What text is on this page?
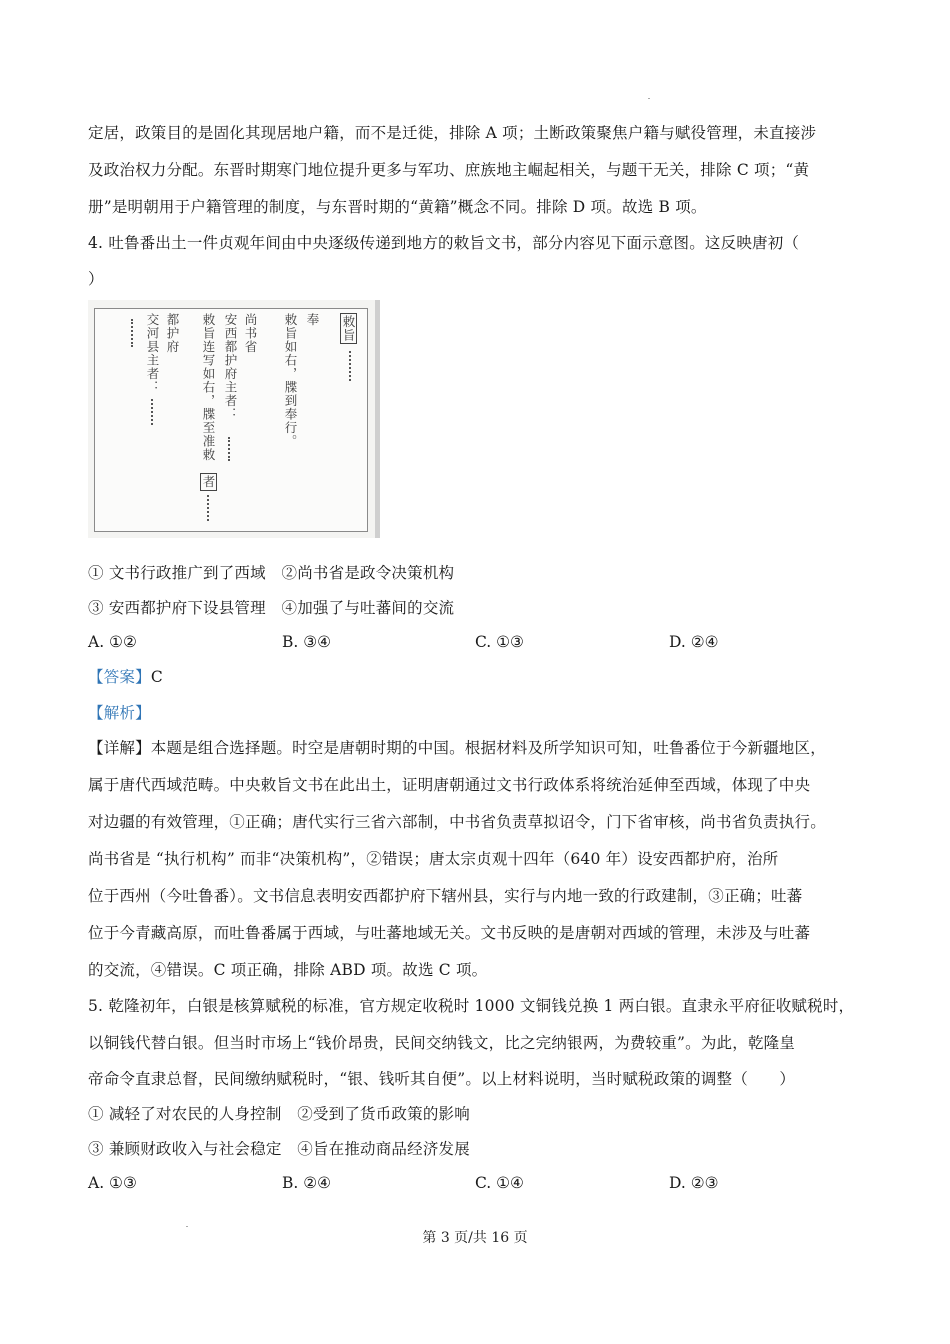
定居，政策目的是固化其现居地户籍，而不是迁徙，排除 A 项；土断政策聚焦户籍与赋役管理，未直接涉
及政治权力分配。东晋时期寒门地位提升更多与军功、庶族地主崛起相关，与题干无关，排除 C 项；“黄
册”是明朝用于户籍管理的制度，与东晋时期的“黄籍”概念不同。排除 D 项。故选 B 项。
4. 吐鲁番出土一件贞观年间由中央逐级传递到地方的敕旨文书，部分内容见下面示意图。这反映唐初（
）
敕旨
奉
敕旨如右，牒到奉行。
尚书省
安西都护府主者：
敕旨连写如右，牒至准敕
者
都护府
交河县主者：
① 文书行政推广到了西域　②尚书省是政令决策机构
③ 安西都护府下设县管理　④加强了与吐蕃间的交流
A. ①②	B. ③④	C. ①③	D. ②④
【答案】C
【解析】
【详解】本题是组合选择题。时空是唐朝时期的中国。根据材料及所学知识可知，吐鲁番位于今新疆地区，
属于唐代西域范畴。中央敕旨文书在此出土，证明唐朝通过文书行政体系将统治延伸至西域，体现了中央
对边疆的有效管理，①正确；唐代实行三省六部制，中书省负责草拟诏令，门下省审核，尚书省负责执行。
尚书省是 “执行机构” 而非“决策机构”，②错误；唐太宗贞观十四年（640 年）设安西都护府，治所
位于西州（今吐鲁番）。文书信息表明安西都护府下辖州县，实行与内地一致的行政建制，③正确；吐蕃
位于今青藏高原，而吐鲁番属于西域，与吐蕃地域无关。文书反映的是唐朝对西域的管理，未涉及与吐蕃
的交流，④错误。C 项正确，排除 ABD 项。故选 C 项。
5. 乾隆初年，白银是核算赋税的标准，官方规定收税时 1000 文铜钱兑换 1 两白银。直隶永平府征收赋税时，
以铜钱代替白银。但当时市场上“钱价昂贵，民间交纳钱文，比之完纳银两，为费较重”。为此，乾隆皇
帝命令直隶总督，民间缴纳赋税时，“银、钱听其自便”。以上材料说明，当时赋税政策的调整（　　）
① 减轻了对农民的人身控制　②受到了货币政策的影响
③ 兼顾财政收入与社会稳定　④旨在推动商品经济发展
A. ①③	B. ②④	C. ①④	D. ②③
第 3 页/共 16 页
